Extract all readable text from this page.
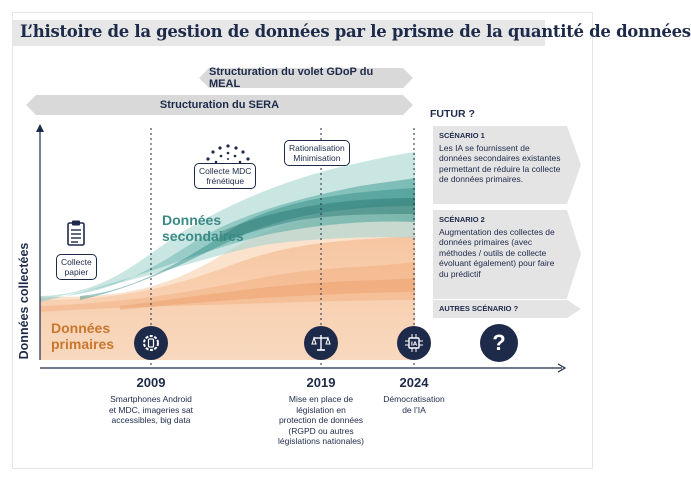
L’histoire de la gestion de données par le prisme de la quantité de données
Structuration du volet GDoP du MEAL
Structuration du SERA
Données collectées
Données
secondaires
Données
primaires
Collecte
papier
Collecte MDC
frénétique
Rationalisation
Minimisation
IA	?
2009	2019	2024
Smartphones Android
et MDC, imageries sat
accessibles, big data
Mise en place de
législation en
protection de données
(RGPD ou autres
législations nationales)
Démocratisation
de l’IA
FUTUR ?
SCÉNARIO 1
Les IA se fournissent de données secondaires existantes permettant de réduire la collecte de données primaires.
SCÉNARIO 2
Augmentation des collectes de données primaires (avec méthodes / outils de collecte évoluant également) pour faire du prédictif
AUTRES SCÉNARIO ?
